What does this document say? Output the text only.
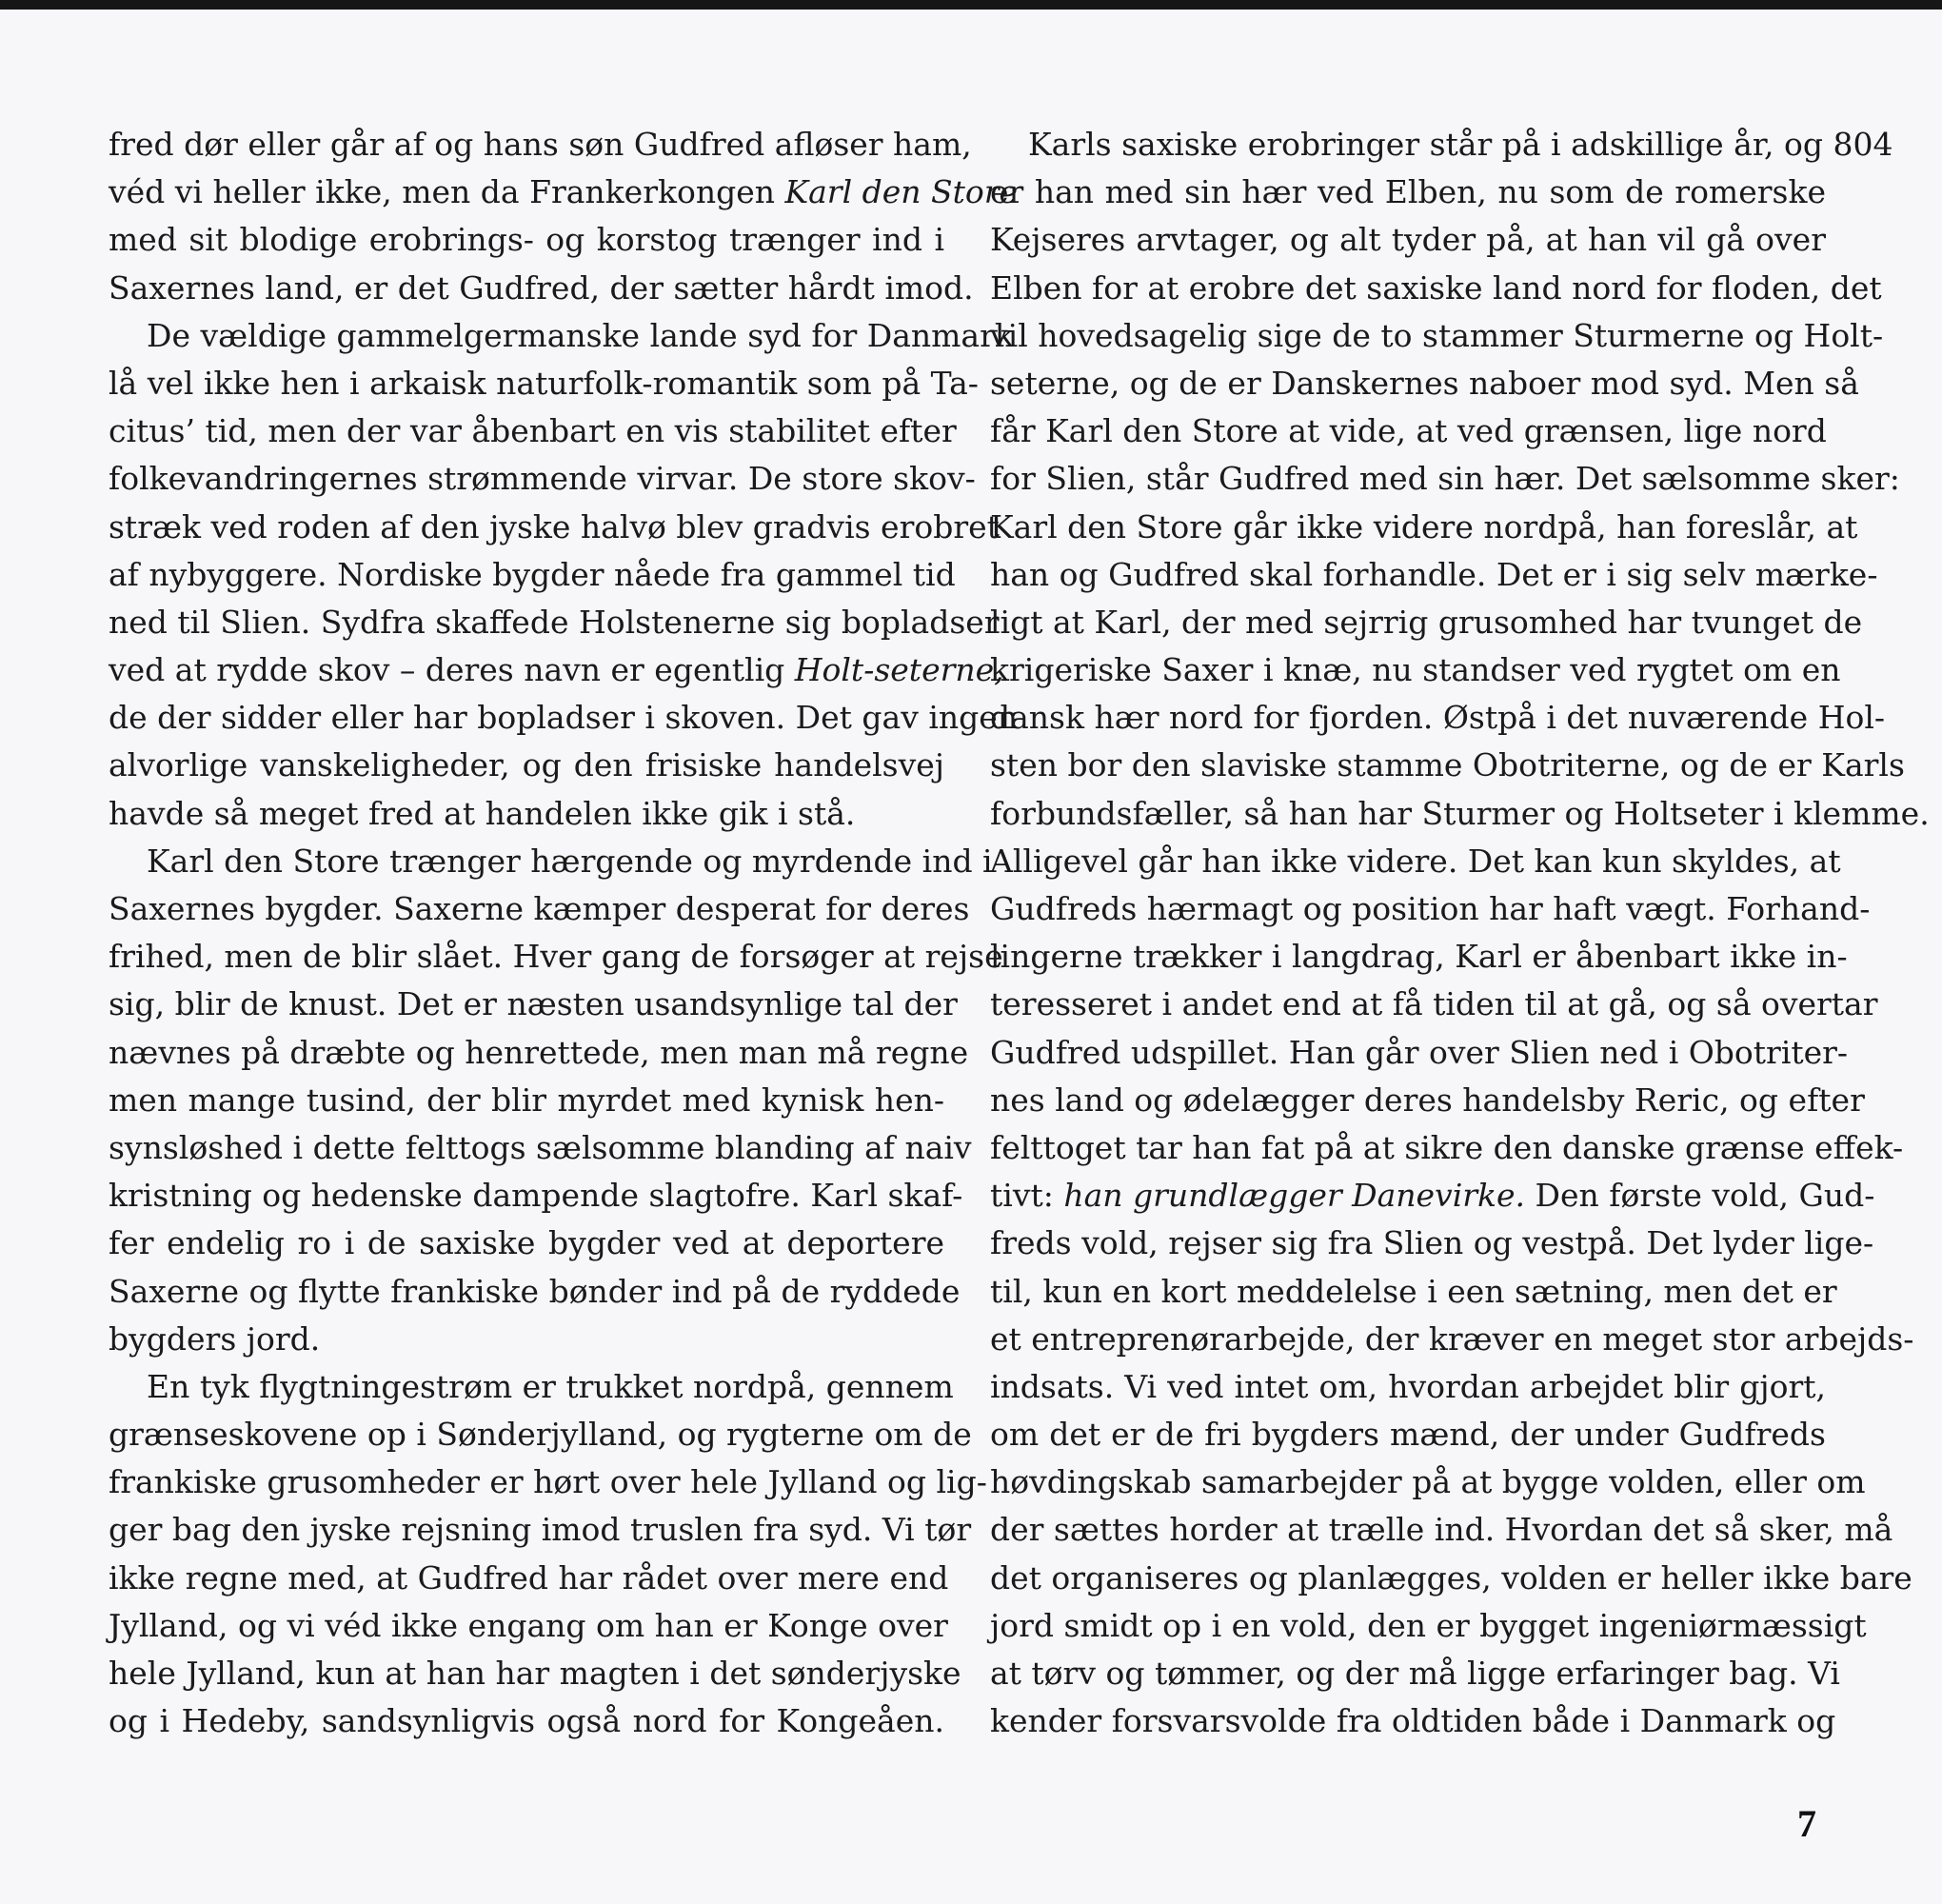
fred dør eller går af og hans søn Gudfred afløser ham,
véd vi heller ikke, men da Frankerkongen Karl den Store
med sit blodige erobrings- og korstog trænger ind i
Saxernes land, er det Gudfred, der sætter hårdt imod.
De vældige gammelgermanske lande syd for Danmark
lå vel ikke hen i arkaisk naturfolk-romantik som på Ta-
citus’ tid, men der var åbenbart en vis stabilitet efter
folkevandringernes strømmende virvar. De store skov-
stræk ved roden af den jyske halvø blev gradvis erobret
af nybyggere. Nordiske bygder nåede fra gammel tid
ned til Slien. Sydfra skaffede Holstenerne sig bopladser
ved at rydde skov – deres navn er egentlig Holt-seterne,
de der sidder eller har bopladser i skoven. Det gav ingen
alvorlige vanskeligheder, og den frisiske handelsvej
havde så meget fred at handelen ikke gik i stå.
Karl den Store trænger hærgende og myrdende ind i
Saxernes bygder. Saxerne kæmper desperat for deres
frihed, men de blir slået. Hver gang de forsøger at rejse
sig, blir de knust. Det er næsten usandsynlige tal der
nævnes på dræbte og henrettede, men man må regne
men mange tusind, der blir myrdet med kynisk hen-
synsløshed i dette felttogs sælsomme blanding af naiv
kristning og hedenske dampende slagtofre. Karl skaf-
fer endelig ro i de saxiske bygder ved at deportere
Saxerne og flytte frankiske bønder ind på de ryddede
bygders jord.
En tyk flygtningestrøm er trukket nordpå, gennem
grænseskovene op i Sønderjylland, og rygterne om de
frankiske grusomheder er hørt over hele Jylland og lig-
ger bag den jyske rejsning imod truslen fra syd. Vi tør
ikke regne med, at Gudfred har rådet over mere end
Jylland, og vi véd ikke engang om han er Konge over
hele Jylland, kun at han har magten i det sønderjyske
og i Hedeby, sandsynligvis også nord for Kongeåen.
Karls saxiske erobringer står på i adskillige år, og 804
er han med sin hær ved Elben, nu som de romerske
Kejseres arvtager, og alt tyder på, at han vil gå over
Elben for at erobre det saxiske land nord for floden, det
vil hovedsagelig sige de to stammer Sturmerne og Holt-
seterne, og de er Danskernes naboer mod syd. Men så
får Karl den Store at vide, at ved grænsen, lige nord
for Slien, står Gudfred med sin hær. Det sælsomme sker:
Karl den Store går ikke videre nordpå, han foreslår, at
han og Gudfred skal forhandle. Det er i sig selv mærke-
ligt at Karl, der med sejrrig grusomhed har tvunget de
krigeriske Saxer i knæ, nu standser ved rygtet om en
dansk hær nord for fjorden. Østpå i det nuværende Hol-
sten bor den slaviske stamme Obotriterne, og de er Karls
forbundsfæller, så han har Sturmer og Holtseter i klemme.
Alligevel går han ikke videre. Det kan kun skyldes, at
Gudfreds hærmagt og position har haft vægt. Forhand-
lingerne trækker i langdrag, Karl er åbenbart ikke in-
teresseret i andet end at få tiden til at gå, og så overtar
Gudfred udspillet. Han går over Slien ned i Obotriter-
nes land og ødelægger deres handelsby Reric, og efter
felttoget tar han fat på at sikre den danske grænse effek-
tivt: han grundlægger Danevirke. Den første vold, Gud-
freds vold, rejser sig fra Slien og vestpå. Det lyder lige-
til, kun en kort meddelelse i een sætning, men det er
et entreprenørarbejde, der kræver en meget stor arbejds-
indsats. Vi ved intet om, hvordan arbejdet blir gjort,
om det er de fri bygders mænd, der under Gudfreds
høvdingskab samarbejder på at bygge volden, eller om
der sættes horder at trælle ind. Hvordan det så sker, må
det organiseres og planlægges, volden er heller ikke bare
jord smidt op i en vold, den er bygget ingeniørmæssigt
at tørv og tømmer, og der må ligge erfaringer bag. Vi
kender forsvarsvolde fra oldtiden både i Danmark og
7
